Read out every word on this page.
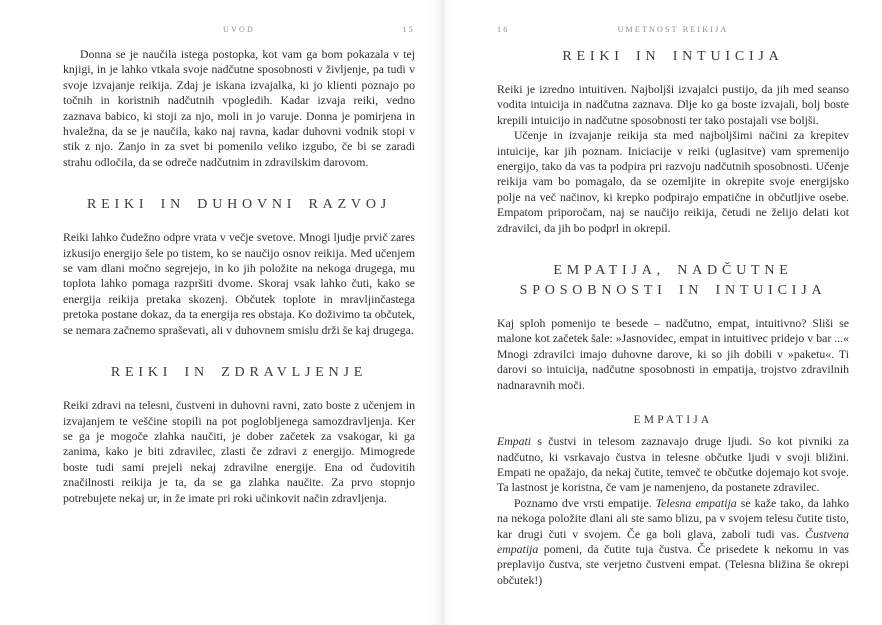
UVOD	15

Donna se je naučila istega postopka, kot vam ga bom pokazala v tej knjigi, in je lahko vtkala svoje nadčutne sposobnosti v življenje, pa tudi v svoje izvajanje reikija. Zdaj je iskana izvajalka, ki jo klienti poznajo po točnih in koristnih nadčutnih vpogledih. Kadar izvaja reiki, vedno zaznava babico, ki stoji za njo, moli in jo varuje. Donna je pomirjena in hvaležna, da se je naučila, kako naj ravna, kadar duhovni vodnik stopi v stik z njo. Zanjo in za svet bi pomenilo veliko izgubo, če bi se zaradi strahu odločila, da se odreče nadčutnim in zdravilskim darovom.

REIKI IN DUHOVNI RAZVOJ

Reiki lahko čudežno odpre vrata v večje svetove. Mnogi ljudje prvič zares izkusijo energijo šele po tistem, ko se naučijo osnov reikija. Med učenjem se vam dlani močno segrejejo, in ko jih položite na nekoga drugega, mu toplota lahko pomaga razpršiti dvome. Skoraj vsak lahko čuti, kako se energija reikija pretaka skozenj. Občutek toplote in mravljinčastega pretoka postane dokaz, da ta energija res obstaja. Ko doživimo ta občutek, se nemara začnemo spraševati, ali v duhovnem smislu drži še kaj drugega.

REIKI IN ZDRAVLJENJE

Reiki zdravi na telesni, čustveni in duhovni ravni, zato boste z učenjem in izvajanjem te veščine stopili na pot poglobljenega samozdravljenja. Ker se ga je mogoče zlahka naučiti, je dober začetek za vsakogar, ki ga zanima, kako je biti zdravilec, zlasti če zdravi z energijo. Mimogrede boste tudi sami prejeli nekaj zdravilne energije. Ena od čudovitih značilnosti reikija je ta, da se ga zlahka naučite. Za prvo stopnjo potrebujete nekaj ur, in že imate pri roki učinkovit način zdravljenja.

16	UMETNOST REIKIJA
REIKI IN INTUICIJA

Reiki je izredno intuitiven. Najboljši izvajalci pustijo, da jih med seanso vodita intuicija in nadčutna zaznava. Dlje ko ga boste izvajali, bolj boste krepili intuicijo in nadčutne sposobnosti ter tako postajali vse boljši.

Učenje in izvajanje reikija sta med najboljšimi načini za krepitev intuicije, kar jih poznam. Iniciacije v reiki (uglasitve) vam spremenijo energijo, tako da vas ta podpira pri razvoju nadčutnih sposobnosti. Učenje reikija vam bo pomagalo, da se ozemljite in okrepite svoje energijsko polje na več načinov, ki krepko podpirajo empatične in občutljive osebe. Empatom priporočam, naj se naučijo reikija, četudi ne želijo delati kot zdravilci, da jih bo podprl in okrepil.

EMPATIJA, NADČUTNE SPOSOBNOSTI IN INTUICIJA

Kaj sploh pomenijo te besede – nadčutno, empat, intuitivno? Sliši se malone kot začetek šale: »Jasnovidec, empat in intuitivec pridejo v bar ...« Mnogi zdravilci imajo duhovne darove, ki so jih dobili v »paketu«. Ti darovi so intuicija, nadčutne sposobnosti in empatija, trojstvo zdravilnih nadnaravnih moči.

EMPATIJA

Empati s čustvi in telesom zaznavajo druge ljudi. So kot pivniki za nadčutno, ki vsrkavajo čustva in telesne občutke ljudi v svoji bližini. Empati ne opažajo, da nekaj čutite, temveč te občutke dojemajo kot svoje. Ta lastnost je koristna, če vam je namenjeno, da postanete zdravilec.

Poznamo dve vrsti empatije. Telesna empatija se kaže tako, da lahko na nekoga položite dlani ali ste samo blizu, pa v svojem telesu čutite tisto, kar drugi čuti v svojem. Če ga boli glava, zaboli tudi vas. Čustvena empatija pomeni, da čutite tuja čustva. Če prisedete k nekomu in vas preplavijo čustva, ste verjetno čustveni empat. (Telesna bližina še okrepi občutek!)
